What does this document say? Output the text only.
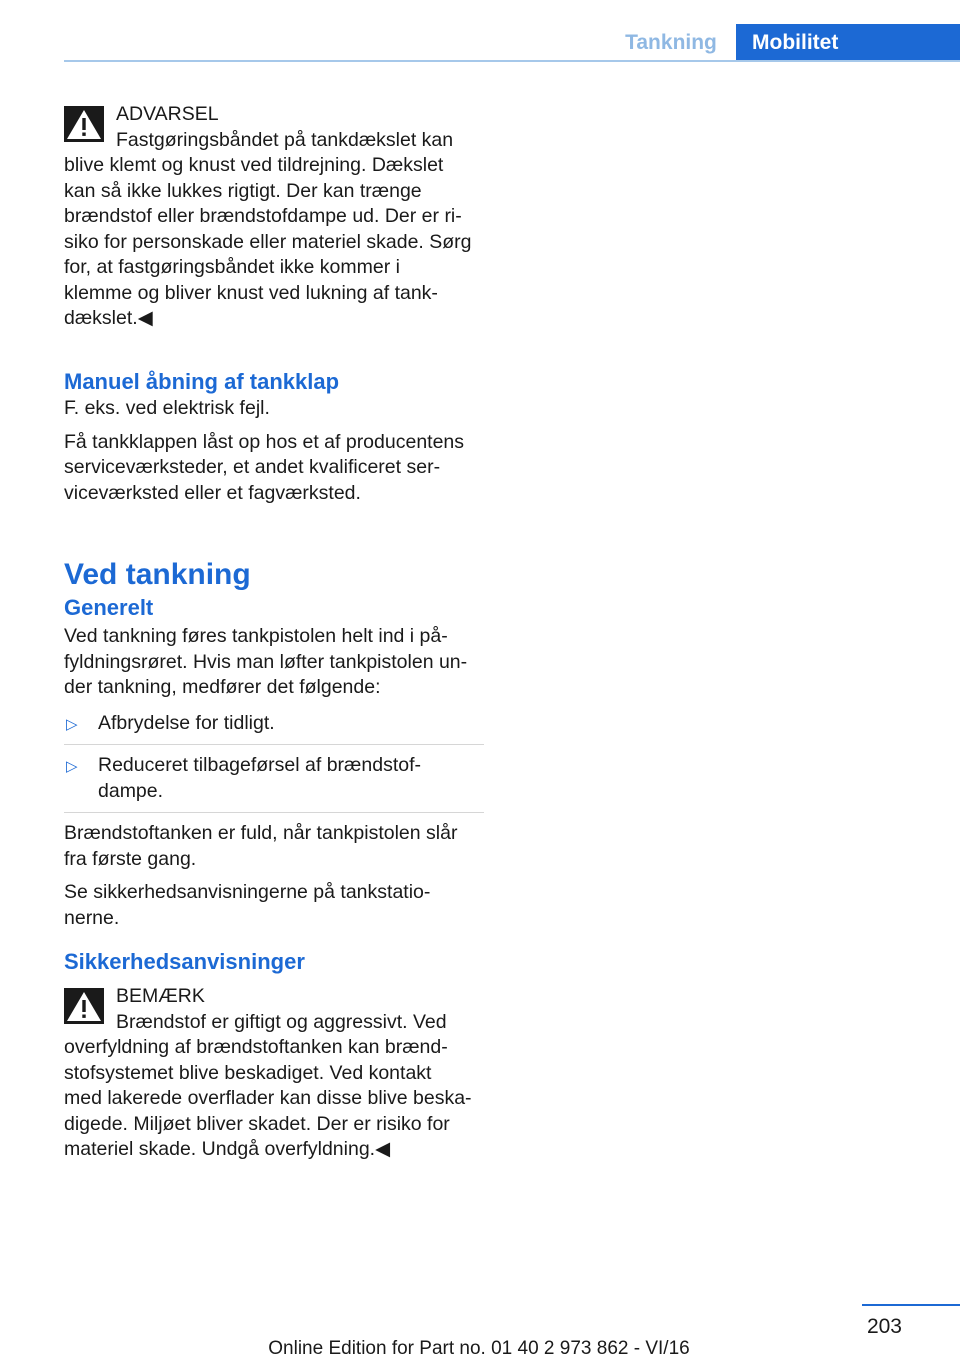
Tankning	Mobilitet

ADVARSEL

Fastgøringsbåndet på tankdækslet kan
blive klemt og knust ved tildrejning. Dækslet
kan så ikke lukkes rigtigt. Der kan trænge
brændstof eller brændstofdampe ud. Der er ri-
siko for personskade eller materiel skade. Sørg
for, at fastgøringsbåndet ikke kommer i
klemme og bliver knust ved lukning af tank-
dækslet.◀

Manuel åbning af tankklap

F. eks. ved elektrisk fejl.

Få tankklappen låst op hos et af producentens
serviceværksteder, et andet kvalificeret ser-
viceværksted eller et fagværksted.

Ved tankning

Generelt

Ved tankning føres tankpistolen helt ind i på-
fyldningsrøret. Hvis man løfter tankpistolen un-
der tankning, medfører det følgende:

▷ Afbrydelse for tidligt.
▷ Reduceret tilbageførsel af brændstof-
dampe.

Brændstoftanken er fuld, når tankpistolen slår
fra første gang.

Se sikkerhedsanvisningerne på tankstatio-
nerne.

Sikkerhedsanvisninger

BEMÆRK

Brændstof er giftigt og aggressivt. Ved
overfyldning af brændstoftanken kan brænd-
stofsystemet blive beskadiget. Ved kontakt
med lakerede overflader kan disse blive beska-
digede. Miljøet bliver skadet. Der er risiko for
materiel skade. Undgå overfyldning.◀

203
Online Edition for Part no. 01 40 2 973 862 - VI/16
